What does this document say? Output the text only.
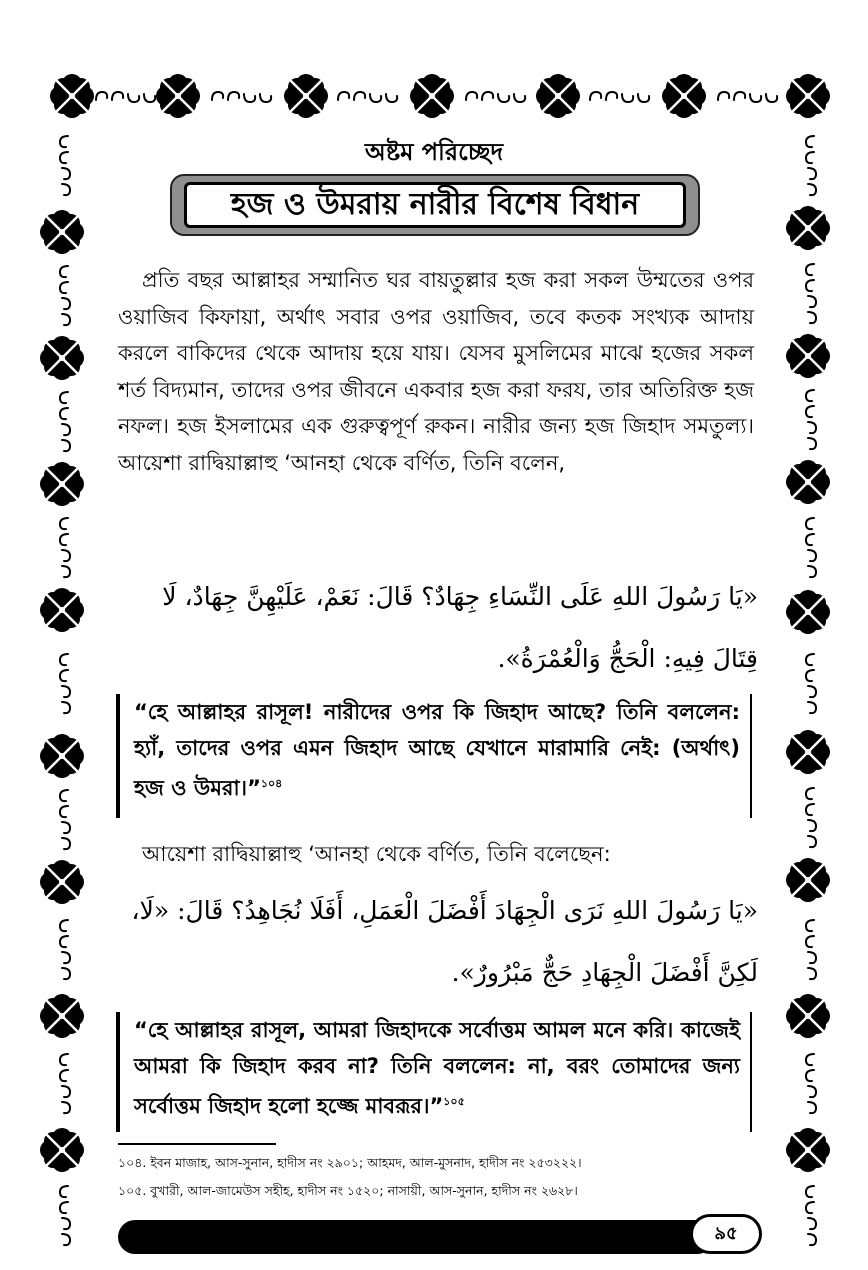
অষ্টম পরিচ্ছেদ
হজ ও উমরায় নারীর বিশেষ বিধান
প্রতি বছর আল্লাহর সম্মানিত ঘর বায়তুল্লার হজ করা সকল উম্মতের ওপর ওয়াজিব কিফায়া, অর্থাৎ সবার ওপর ওয়াজিব, তবে কতক সংখ্যক আদায় করলে বাকিদের থেকে আদায় হয়ে যায়। যেসব মুসলিমের মাঝে হজের সকল শর্ত বিদ্যমান, তাদের ওপর জীবনে একবার হজ করা ফরয, তার অতিরিক্ত হজ নফল। হজ ইসলামের এক গুরুত্বপূর্ণ রুকন। নারীর জন্য হজ জিহাদ সমতুল্য। আয়েশা রাদ্বিয়াল্লাহু ‘আনহা থেকে বর্ণিত, তিনি বলেন,
«يَا رَسُولَ اللهِ عَلَى النِّسَاءِ جِهَادٌ؟ قَالَ: نَعَمْ، عَلَيْهِنَّ جِهَادٌ، لَا قِتَالَ فِيهِ: الْحَجُّ وَالْعُمْرَةُ».
“হে আল্লাহর রাসূল! নারীদের ওপর কি জিহাদ আছে? তিনি বললেন: হ্যাঁ, তাদের ওপর এমন জিহাদ আছে যেখানে মারামারি নেই: (অর্থাৎ) হজ ও উমরা।”$^{১০৪}$
আয়েশা রাদ্বিয়াল্লাহু ‘আনহা থেকে বর্ণিত, তিনি বলেছেন:
«يَا رَسُولَ اللهِ نَرَى الْجِهَادَ أَفْضَلَ الْعَمَلِ، أَفَلَا نُجَاهِدُ؟ قَالَ: «لَا، لَكِنَّ أَفْضَلَ الْجِهَادِ حَجٌّ مَبْرُورٌ».
“হে আল্লাহর রাসূল, আমরা জিহাদকে সর্বোত্তম আমল মনে করি। কাজেই আমরা কি জিহাদ করব না? তিনি বললেন: না, বরং তোমাদের জন্য সর্বোত্তম জিহাদ হলো হজ্জে মাবরূর।”$^{১০৫}$
১০৪. ইবন মাজাহ, আস-সুনান, হাদীস নং ২৯০১; আহমদ, আল-মুসনাদ, হাদীস নং ২৫৩২২২।
১০৫. বুখারী, আল-জামেউস সহীহ, হাদীস নং ১৫২০; নাসায়ী, আস-সুনান, হাদীস নং ২৬২৮।
৯৫
